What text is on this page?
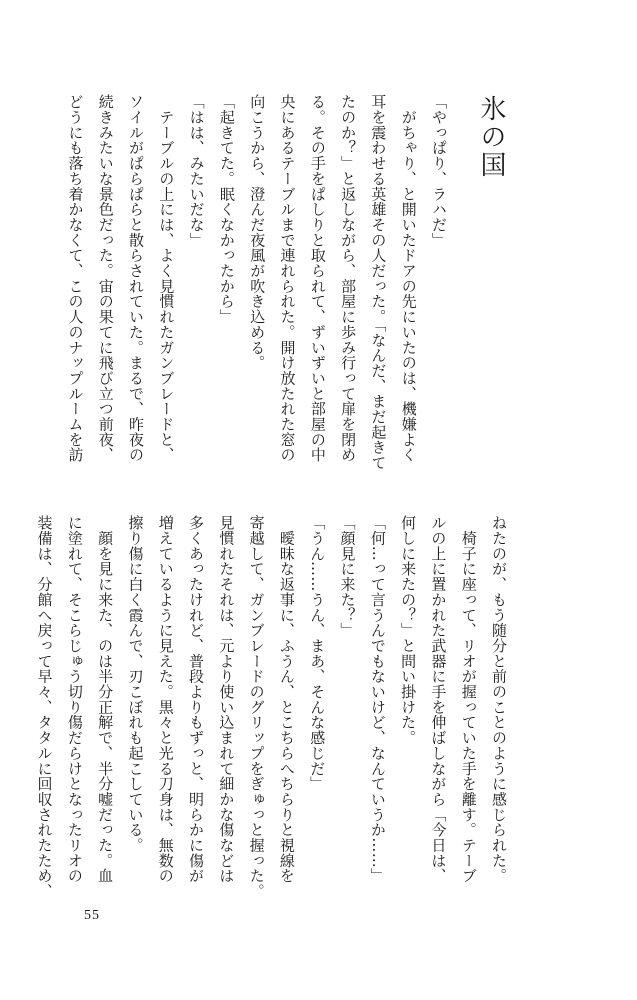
氷の国
「やっぱり、ラハだ」
　がちゃり、と開いたドアの先にいたのは、機嫌よく
耳を震わせる英雄その人だった。「なんだ、まだ起きて
たのか？」と返しながら、部屋に歩み行って扉を閉め
る。その手をぱしりと取られて、ずいずいと部屋の中
央にあるテーブルまで連れられた。開け放たれた窓の
向こうから、澄んだ夜風が吹き込める。
「起きてた。眠くなかったから」
「はは、みたいだな」
　テーブルの上には、よく見慣れたガンブレードと、
ソイルがぱらぱらと散らされていた。まるで、昨夜の
続きみたいな景色だった。宙の果てに飛び立つ前夜、
どうにも落ち着かなくて、この人のナップルームを訪
ねたのが、もう随分と前のことのように感じられた。
　椅子に座って、リオが握っていた手を離す。テーブ
ルの上に置かれた武器に手を伸ばしながら「今日は、
何しに来たの？」と問い掛けた。
「何…って言うんでもないけど、なんていうか……」
「顔見に来た？」
「うん……うん、まあ、そんな感じだ」
　曖昧な返事に、ふうん、とこちらへちらりと視線を
寄越して、ガンブレードのグリップをぎゅっと握った。
見慣れたそれは、元より使い込まれて細かな傷などは
多くあったけれど、普段よりもずっと、明らかに傷が
増えているように見えた。黒々と光る刀身は、無数の
擦り傷に白く霞んで、刃こぼれも起こしている。
　顔を見に来た、のは半分正解で、半分嘘だった。血
に塗れて、そこらじゅう切り傷だらけとなったリオの
装備は、分館へ戻って早々、タタルに回収されたため、
55
